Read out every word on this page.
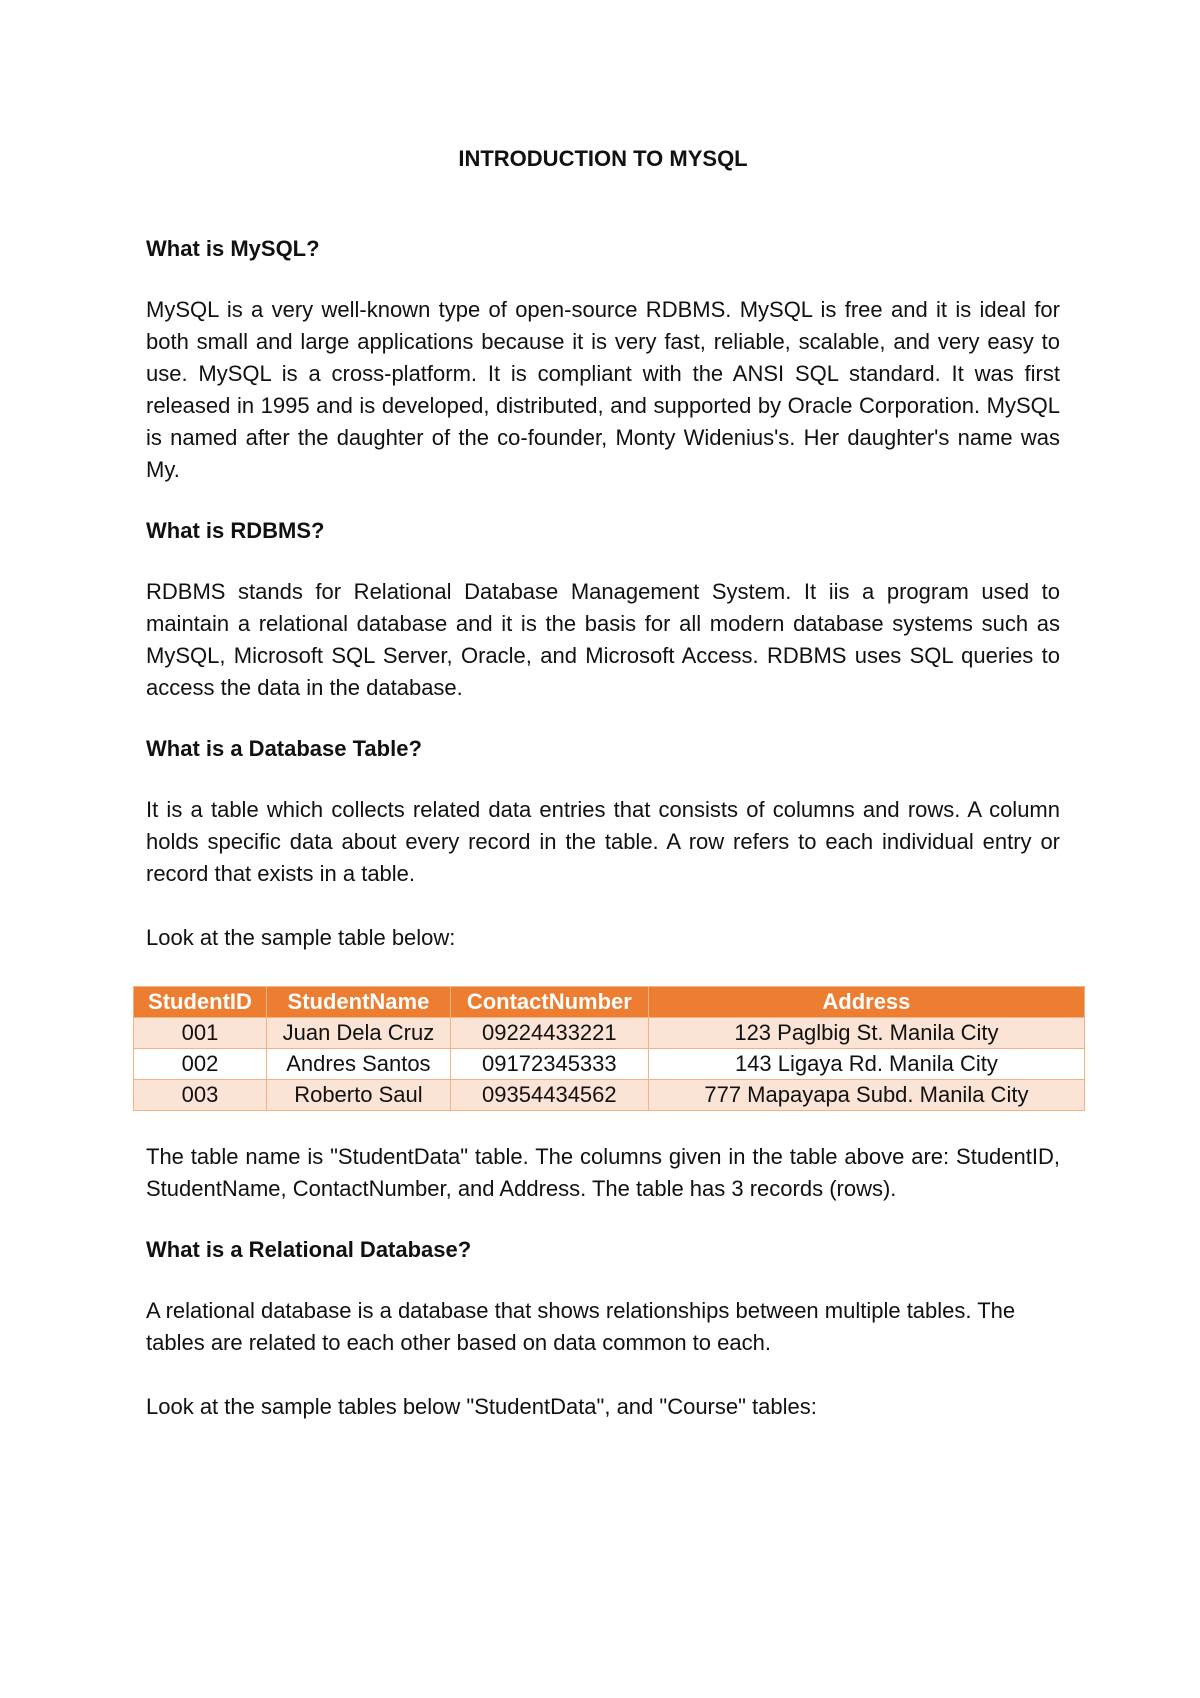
INTRODUCTION TO MYSQL
What is MySQL?

MySQL is a very well-known type of open-source RDBMS. MySQL is free and it is ideal for both small and large applications because it is very fast, reliable, scalable, and very easy to use. MySQL is a cross-platform. It is compliant with the ANSI SQL standard. It was first released in 1995 and is developed, distributed, and supported by Oracle Corporation. MySQL is named after the daughter of the co-founder, Monty Widenius's. Her daughter's name was My.

What is RDBMS?

RDBMS stands for Relational Database Management System. It iis a program used to maintain a relational database and it is the basis for all modern database systems such as MySQL, Microsoft SQL Server, Oracle, and Microsoft Access. RDBMS uses SQL queries to access the data in the database.

What is a Database Table?

It is a table which collects related data entries that consists of columns and rows. A column holds specific data about every record in the table. A row refers to each individual entry or record that exists in a table.

Look at the sample table below:

StudentID	StudentName	ContactNumber	Address
001	Juan Dela Cruz	09224433221	123 Paglbig St. Manila City
002	Andres Santos	09172345333	143 Ligaya Rd. Manila City
003	Roberto Saul	09354434562	777 Mapayapa Subd. Manila City

The table name is "StudentData" table. The columns given in the table above are: StudentID, StudentName, ContactNumber, and Address. The table has 3 records (rows).

What is a Relational Database?

A relational database is a database that shows relationships between multiple tables. The tables are related to each other based on data common to each.

Look at the sample tables below "StudentData", and "Course" tables:
